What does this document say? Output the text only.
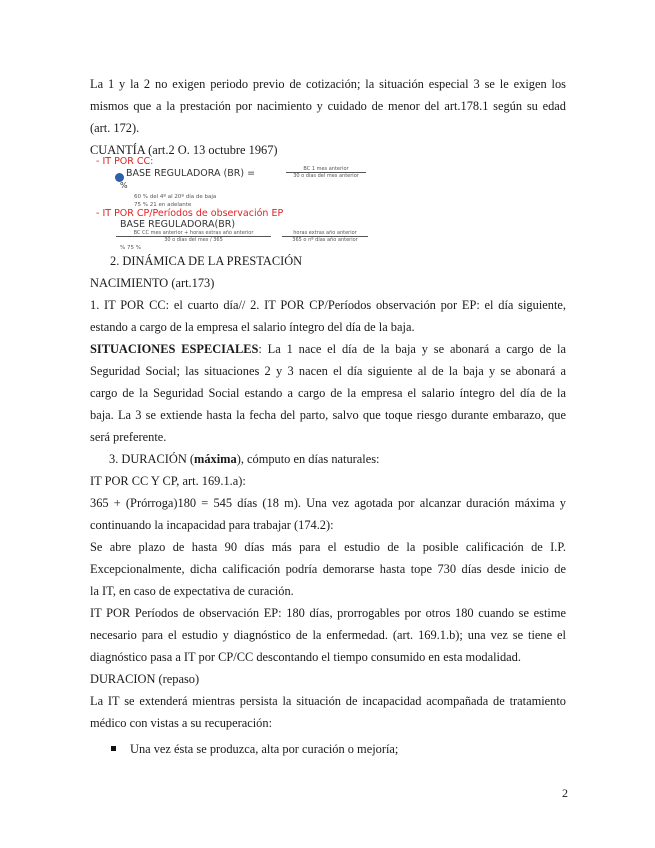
La 1 y la 2 no exigen periodo previo de cotización; la situación especial 3 se le exigen los

mismos que a la prestación por nacimiento y cuidado de menor del art.178.1 según su edad

(art. 172).

CUANTÍA (art.2 O. 13 octubre 1967)

- IT POR CC:
BASE REGULADORA (BR) =	BC 1 mes anterior
30 o días del mes anterior
%
60 % del 4º al 20º día de baja
75 % 21 en adelante
- IT POR CP/Períodos de observación EP
BASE REGULADORA(BR)
BC CC mes anterior + horas extras año anterior
30 o días del mes / 365
horas extras año anterior
365 o nº días año anterior
% 75 %

2. DINÁMICA DE LA PRESTACIÓN

NACIMIENTO (art.173)

1. IT POR CC: el cuarto día// 2. IT POR CP/Períodos observación por EP: el día siguiente,

estando a cargo de la empresa el salario íntegro del día de la baja.

SITUACIONES ESPECIALES: La 1 nace el día de la baja y se abonará a cargo de la

Seguridad Social; las situaciones 2 y 3 nacen el día siguiente al de la baja y se abonará a

cargo de la Seguridad Social estando a cargo de la empresa el salario íntegro del día de la

baja. La 3 se extiende hasta la fecha del parto, salvo que toque riesgo durante embarazo, que

será preferente.

3. DURACIÓN (máxima), cómputo en días naturales:

IT POR CC Y CP, art. 169.1.a):

365 + (Prórroga)180 = 545 días (18 m). Una vez agotada por alcanzar duración máxima y

continuando la incapacidad para trabajar (174.2):

Se abre plazo de hasta 90 días más para el estudio de la posible calificación de I.P.

Excepcionalmente, dicha calificación podría demorarse hasta tope 730 días desde inicio de

la IT, en caso de expectativa de curación.

IT POR Períodos de observación EP: 180 días, prorrogables por otros 180 cuando se estime

necesario para el estudio y diagnóstico de la enfermedad. (art. 169.1.b); una vez se tiene el

diagnóstico pasa a IT por CP/CC descontando el tiempo consumido en esta modalidad.

DURACION (repaso)

La IT se extenderá mientras persista la situación de incapacidad acompañada de tratamiento

médico con vistas a su recuperación:

Una vez ésta se produzca, alta por curación o mejoría;

2
